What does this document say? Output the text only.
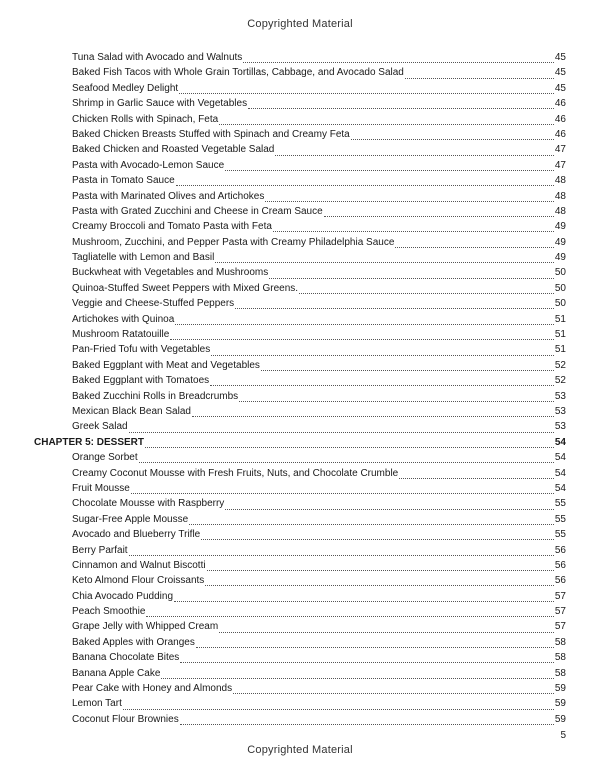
Copyrighted Material
Tuna Salad with Avocado and Walnuts	45
Baked Fish Tacos with Whole Grain Tortillas, Cabbage, and Avocado Salad	45
Seafood Medley Delight	45
Shrimp in Garlic Sauce with Vegetables	46
Chicken Rolls with Spinach, Feta	46
Baked Chicken Breasts Stuffed with Spinach and Creamy Feta	46
Baked Chicken and Roasted Vegetable Salad	47
Pasta with Avocado-Lemon Sauce	47
Pasta in Tomato Sauce	48
Pasta with Marinated Olives and Artichokes	48
Pasta with Grated Zucchini and Cheese in Cream Sauce	48
Creamy Broccoli and Tomato Pasta with Feta	49
Mushroom, Zucchini, and Pepper Pasta with Creamy Philadelphia Sauce	49
Tagliatelle with Lemon and Basil	49
Buckwheat with Vegetables and Mushrooms	50
Quinoa-Stuffed Sweet Peppers with Mixed Greens.	50
Veggie and Cheese-Stuffed Peppers	50
Artichokes with Quinoa	51
Mushroom Ratatouille	51
Pan-Fried Tofu with Vegetables	51
Baked Eggplant with Meat and Vegetables	52
Baked Eggplant with Tomatoes	52
Baked Zucchini Rolls in Breadcrumbs	53
Mexican Black Bean Salad	53
Greek Salad	53
CHAPTER 5: DESSERT	54
Orange Sorbet	54
Creamy Coconut Mousse with Fresh Fruits, Nuts, and Chocolate Crumble	54
Fruit Mousse	54
Chocolate Mousse with Raspberry	55
Sugar-Free Apple Mousse	55
Avocado and Blueberry Trifle	55
Berry Parfait	56
Cinnamon and Walnut Biscotti	56
Keto Almond Flour Croissants	56
Chia Avocado Pudding	57
Peach Smoothie	57
Grape Jelly with Whipped Cream	57
Baked Apples with Oranges	58
Banana Chocolate Bites	58
Banana Apple Cake	58
Pear Cake with Honey and Almonds	59
Lemon Tart	59
Coconut Flour Brownies	59
5
Copyrighted Material
